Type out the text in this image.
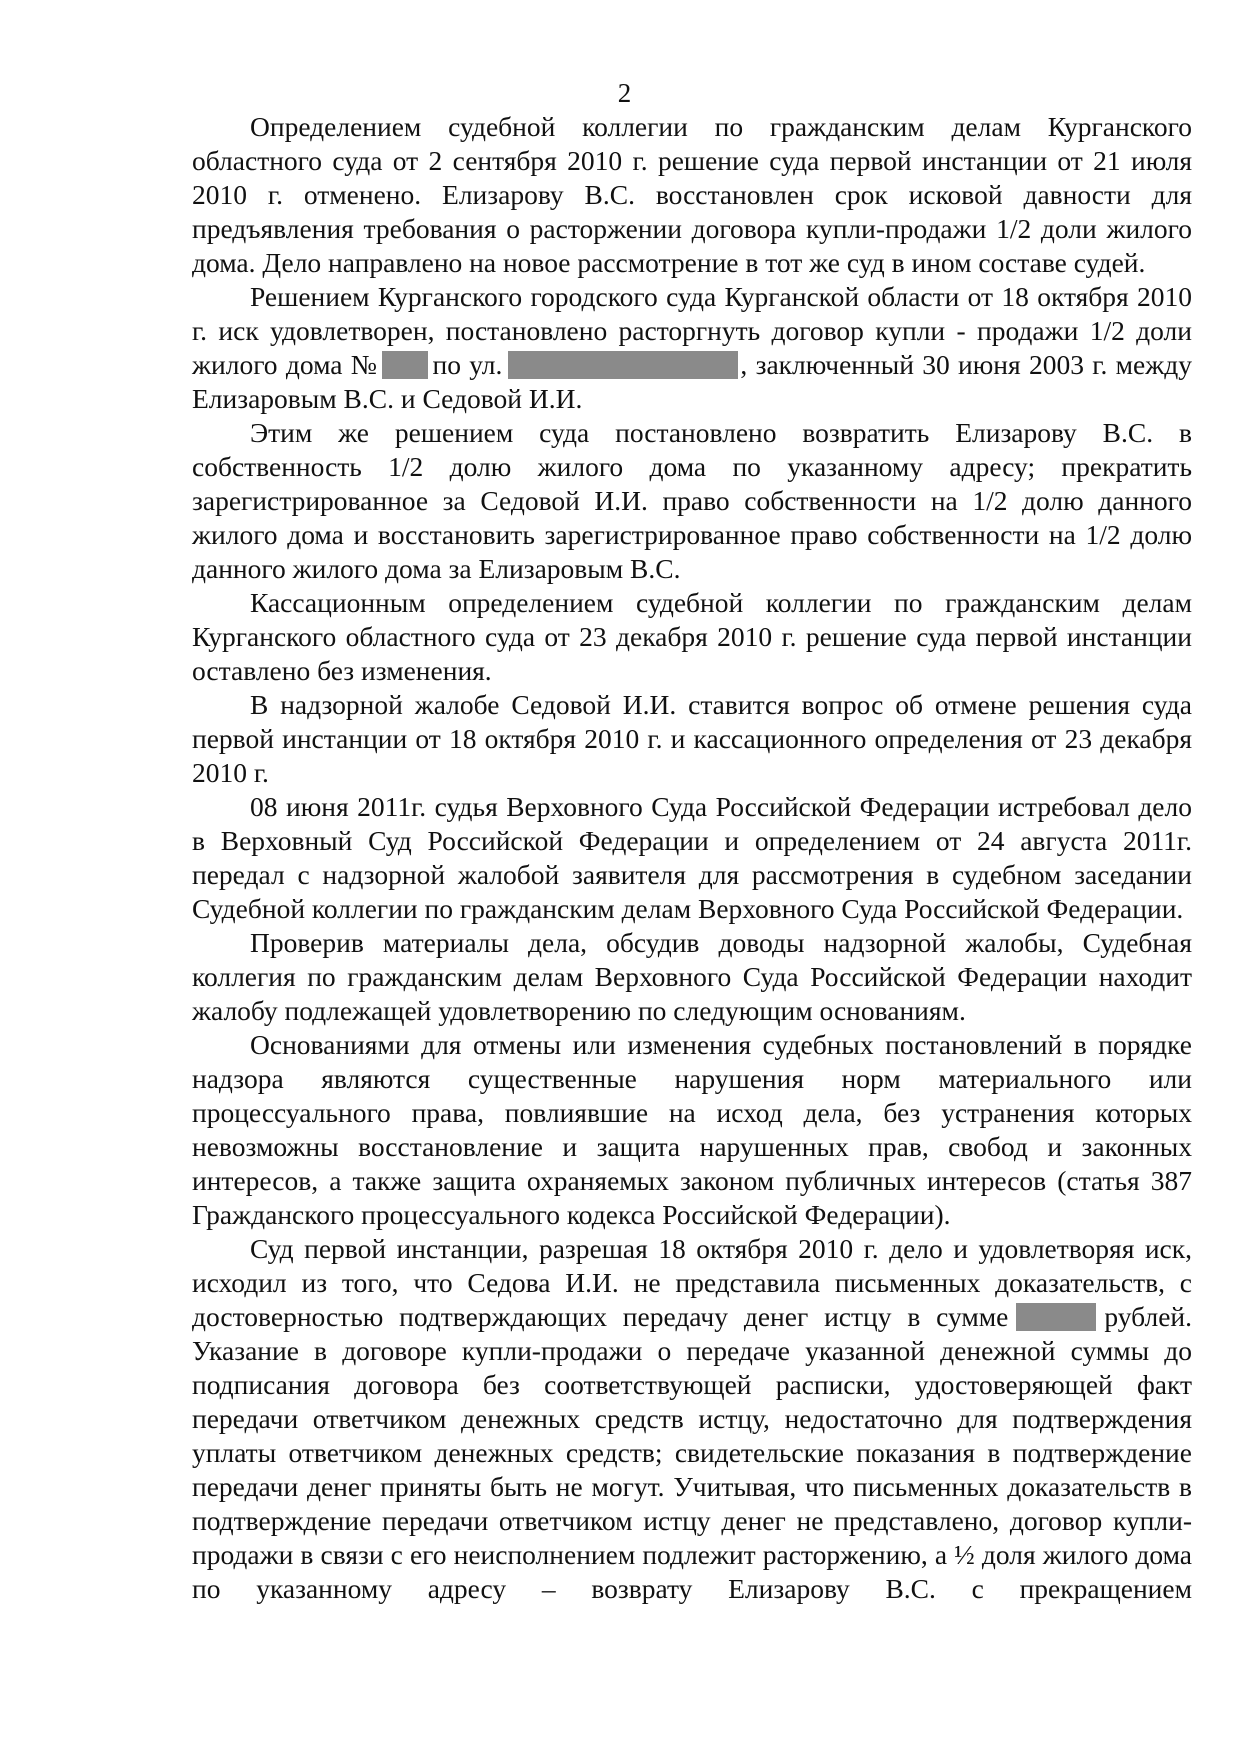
2

Определением судебной коллегии по гражданским делам Курганского областного суда от 2 сентября 2010 г. решение суда первой инстанции от 21 июля 2010 г. отменено. Елизарову В.С. восстановлен срок исковой давности для предъявления требования о расторжении договора купли-продажи 1/2 доли жилого дома. Дело направлено на новое рассмотрение в тот же суд в ином составе судей.

Решением Курганского городского суда Курганской области от 18 октября 2010 г. иск удовлетворен, постановлено расторгнуть договор купли - продажи 1/2 доли жилого дома № по ул.	, заключенный 30 июня 2003 г. между Елизаровым В.С. и Седовой И.И.

Этим же решением суда постановлено возвратить Елизарову В.С. в собственность 1/2 долю жилого дома по указанному адресу; прекратить зарегистрированное за Седовой И.И. право собственности на 1/2 долю данного жилого дома и восстановить зарегистрированное право собственности на 1/2 долю данного жилого дома за Елизаровым В.С.

Кассационным определением судебной коллегии по гражданским делам Курганского областного суда от 23 декабря 2010 г. решение суда первой инстанции оставлено без изменения.

В надзорной жалобе Седовой И.И. ставится вопрос об отмене решения суда первой инстанции от 18 октября 2010 г. и кассационного определения от 23 декабря 2010 г.

08 июня 2011г. судья Верховного Суда Российской Федерации истребовал дело в Верховный Суд Российской Федерации и определением от 24 августа 2011г. передал с надзорной жалобой заявителя для рассмотрения в судебном заседании Судебной коллегии по гражданским делам Верховного Суда Российской Федерации.

Проверив материалы дела, обсудив доводы надзорной жалобы, Судебная коллегия по гражданским делам Верховного Суда Российской Федерации находит жалобу подлежащей удовлетворению по следующим основаниям.

Основаниями для отмены или изменения судебных постановлений в порядке надзора являются существенные нарушения норм материального или процессуального права, повлиявшие на исход дела, без устранения которых невозможны восстановление и защита нарушенных прав, свобод и законных интересов, а также защита охраняемых законом публичных интересов (статья 387 Гражданского процессуального кодекса Российской Федерации).

Суд первой инстанции, разрешая 18 октября 2010 г. дело и удовлетворяя иск, исходил из того, что Седова И.И. не представила письменных доказательств, с достоверностью подтверждающих передачу денег истцу в сумме	рублей. Указание в договоре купли-продажи о передаче указанной денежной суммы до подписания договора без соответствующей расписки, удостоверяющей факт передачи ответчиком денежных средств истцу, недостаточно для подтверждения уплаты ответчиком денежных средств; свидетельские показания в подтверждение передачи денег приняты быть не могут. Учитывая, что письменных доказательств в подтверждение передачи ответчиком истцу денег не представлено, договор купли-продажи в связи с его неисполнением подлежит расторжению, а ½ доля жилого дома по указанному адресу – возврату Елизарову В.С. с прекращением
